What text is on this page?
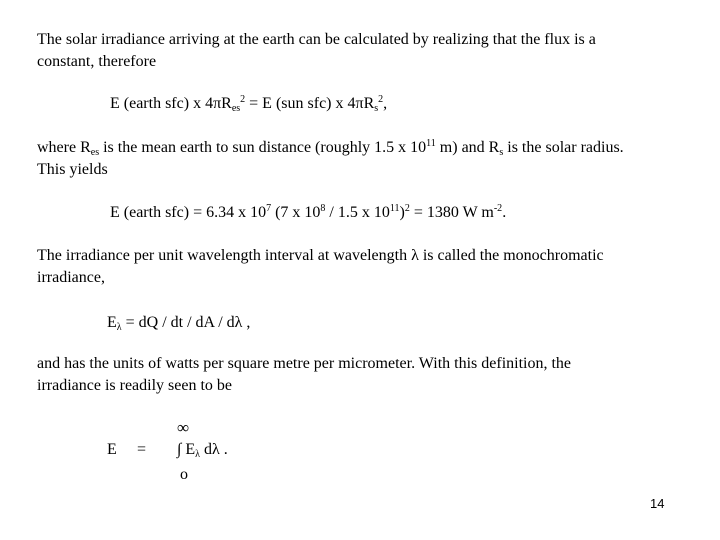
The solar irradiance arriving at the earth can be calculated by realizing that the flux is a
constant, therefore
E (earth sfc) x $4\pi R_{es}^2 = E$ (sun sfc) x $4\pi R_s^2$,
where $R_{es}$ is the mean earth to sun distance (roughly 1.5 x $10^{11}$ m) and $R_s$ is the solar radius.
This yields
E (earth sfc) = 6.34 x $10^7$ (7 x $10^8 / 1.5$ x $10^{11})^2 = 1380$ W $m^{-2}$.
The irradiance per unit wavelength interval at wavelength λ is called the monochromatic
irradiance,
$E_\lambda$ = dQ / dt / dA / dλ ,
and has the units of watts per square metre per micrometer. With this definition, the
irradiance is readily seen to be
E =
∞
∫ $E_\lambda$ dλ .
o
14
